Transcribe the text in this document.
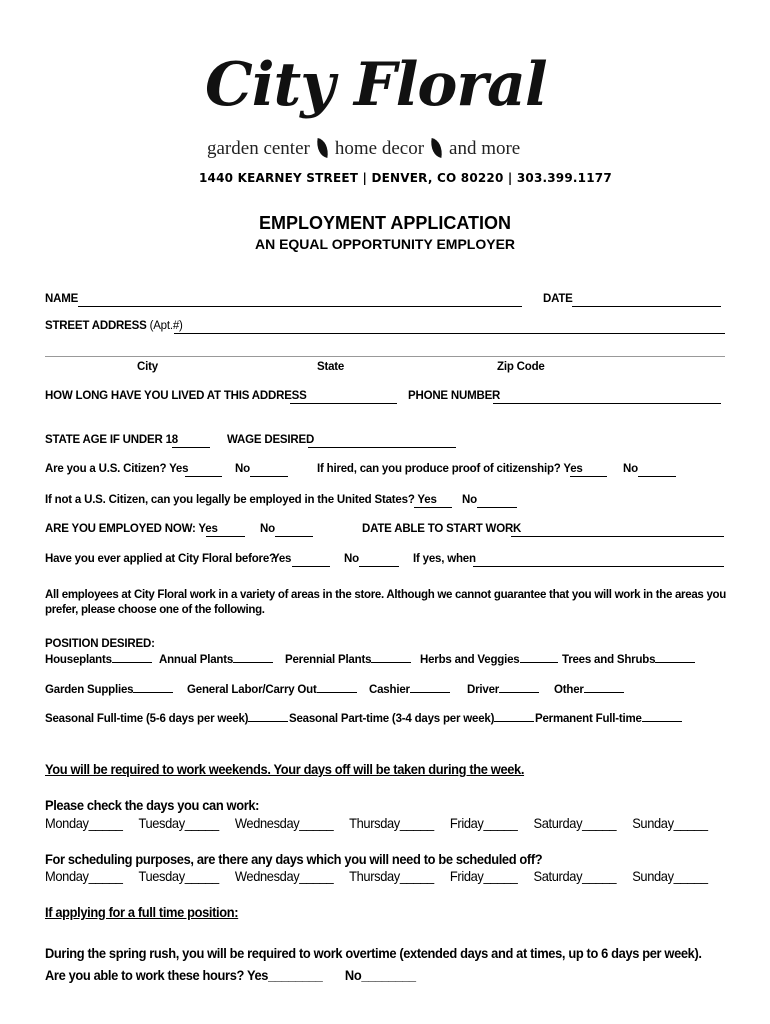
City Floral
garden center home decor and more
1440 KEARNEY STREET | DENVER, CO 80220 | 303.399.1177
EMPLOYMENT APPLICATION
AN EQUAL OPPORTUNITY EMPLOYER
NAME	DATE
STREET ADDRESS (Apt.#)
City	State	Zip Code
HOW LONG HAVE YOU LIVED AT THIS ADDRESS	PHONE NUMBER
STATE AGE IF UNDER 18	WAGE DESIRED
Are you a U.S. Citizen? Yes	No	If hired, can you produce proof of citizenship? Yes	No
If not a U.S. Citizen, can you legally be employed in the United States? Yes No
ARE YOU EMPLOYED NOW: Yes	No	DATE ABLE TO START WORK
Have you ever applied at City Floral before?
Yes	No	If yes, when
All employees at City Floral work in a variety of areas in the store. Although we cannot guarantee that you will work in the areas you prefer, please choose one of the following.
POSITION DESIRED:
Houseplants	Annual Plants	Perennial Plants	Herbs and Veggies	Trees and Shrubs
Garden Supplies	General Labor/Carry Out	Cashier	Driver	Other
Seasonal Full-time (5-6 days per week)	Seasonal Part-time (3-4 days per week)	Permanent Full-time
You will be required to work weekends. Your days off will be taken during the week.
Please check the days you can work:
Monday_____ Tuesday_____ Wednesday_____ Thursday_____ Friday_____ Saturday_____ Sunday_____
For scheduling purposes, are there any days which you will need to be scheduled off?
Monday_____ Tuesday_____ Wednesday_____ Thursday_____ Friday_____ Saturday_____ Sunday_____
If applying for a full time position:
During the spring rush, you will be required to work overtime (extended days and at times, up to 6 days per week).
Are you able to work these hours? Yes________ No________
